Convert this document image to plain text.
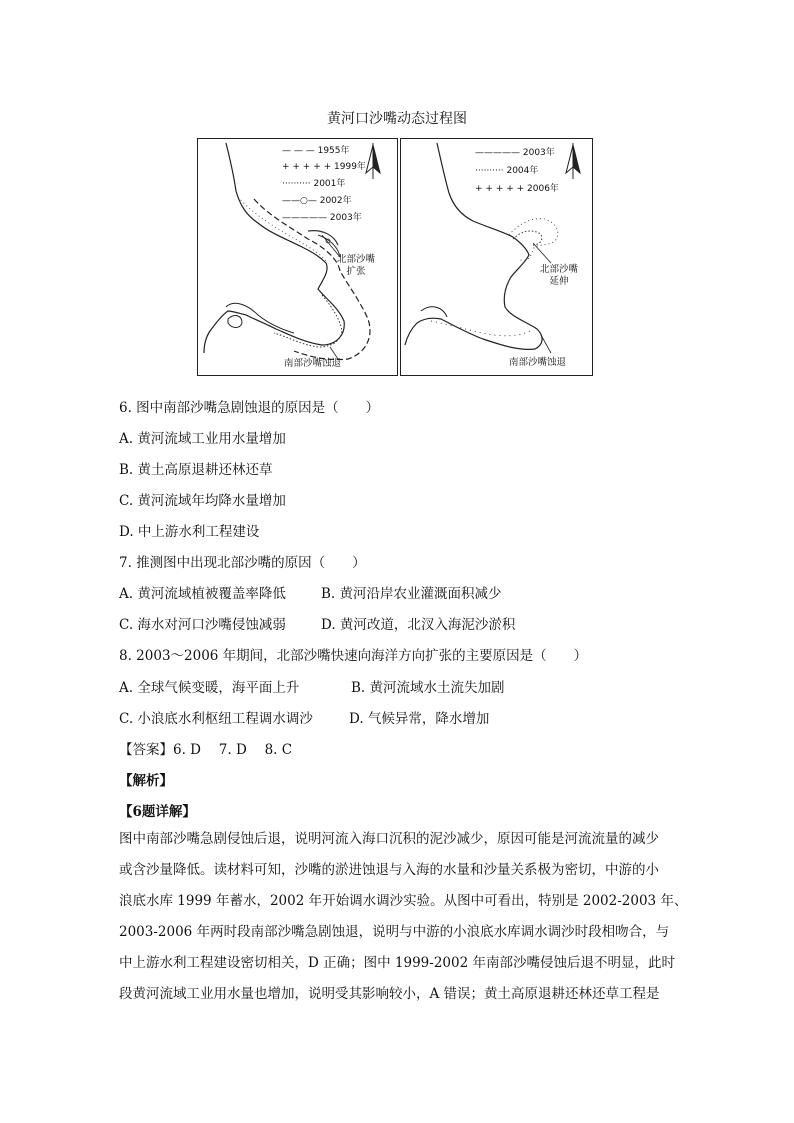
黄河口沙嘴动态过程图
— — — 1955年
+ + + + + 1999年
·········· 2001年
——○— 2002年
————— 2003年
北部沙嘴
扩张
南部沙嘴蚀退
————— 2003年
·········· 2004年
+ + + + + 2006年
北部沙嘴
延伸
南部沙嘴蚀退
6. 图中南部沙嘴急剧蚀退的原因是（　　）
A. 黄河流域工业用水量增加
B. 黄土高原退耕还林还草
C. 黄河流域年均降水量增加
D. 中上游水利工程建设
7. 推测图中出现北部沙嘴的原因（　　）
A. 黄河流域植被覆盖率降低	B. 黄河沿岸农业灌溉面积减少
C. 海水对河口沙嘴侵蚀减弱	D. 黄河改道，北汊入海泥沙淤积
8. 2003～2006 年期间，北部沙嘴快速向海洋方向扩张的主要原因是（　　）
A. 全球气候变暖，海平面上升	B. 黄河流域水土流失加剧
C. 小浪底水利枢纽工程调水调沙	D. 气候异常，降水增加
【答案】6. D　 7. D　 8. C
【解析】
【6题详解】
图中南部沙嘴急剧侵蚀后退，说明河流入海口沉积的泥沙减少，原因可能是河流流量的减少
或含沙量降低。读材料可知，沙嘴的淤进蚀退与入海的水量和沙量关系极为密切，中游的小
浪底水库 1999 年蓄水，2002 年开始调水调沙实验。从图中可看出，特别是 2002-2003 年、
2003-2006 年两时段南部沙嘴急剧蚀退，说明与中游的小浪底水库调水调沙时段相吻合，与
中上游水利工程建设密切相关，D 正确；图中 1999-2002 年南部沙嘴侵蚀后退不明显，此时
段黄河流域工业用水量也增加，说明受其影响较小，A 错误；黄土高原退耕还林还草工程是
